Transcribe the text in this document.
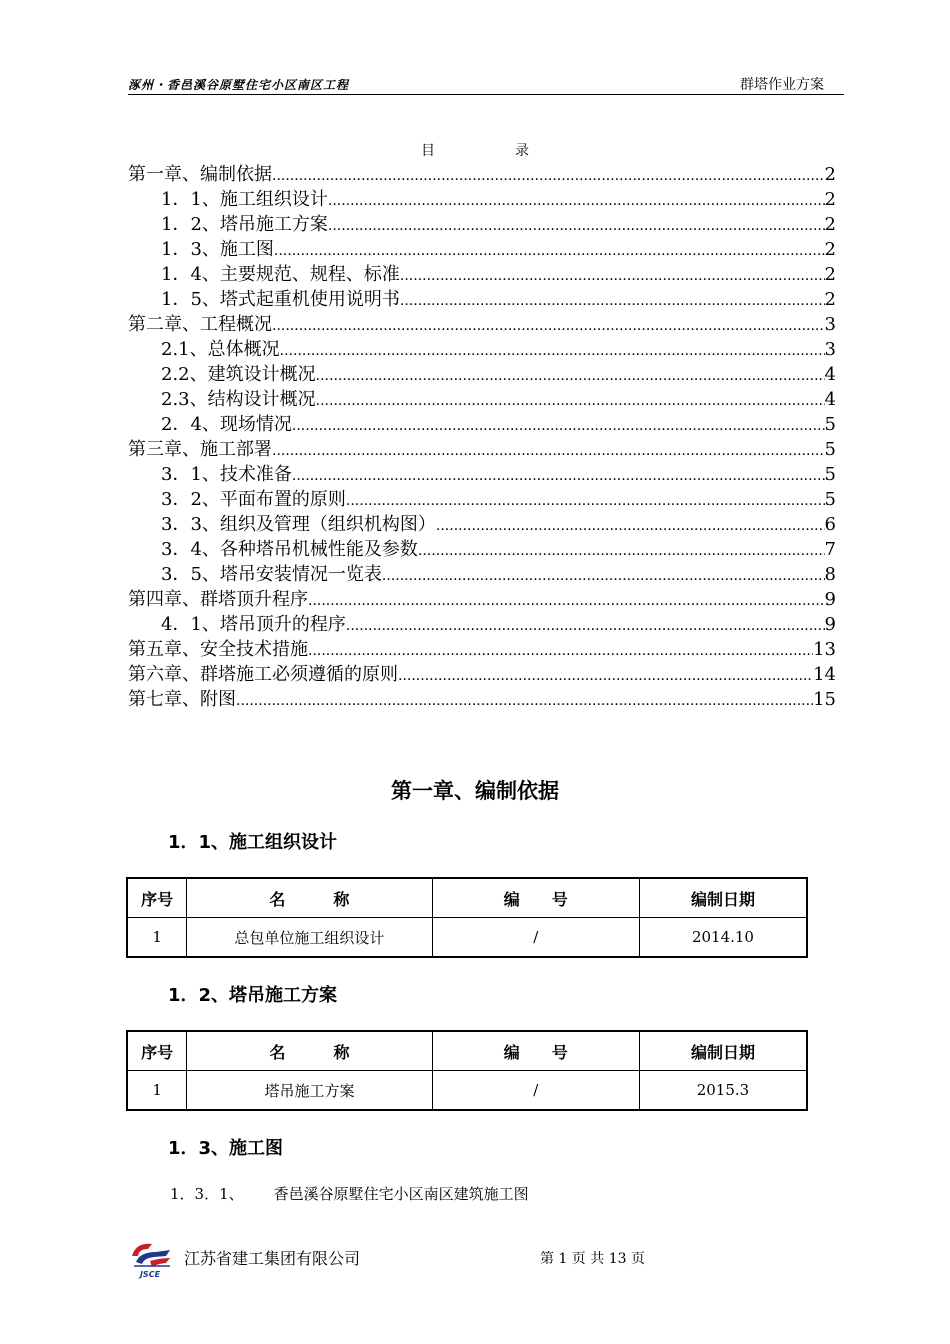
涿州・香邑溪谷原墅住宅小区南区工程	群塔作业方案
目	录
第一章、编制依据 .....	2
1．1、施工组织设计 .....	2
1．2、塔吊施工方案 .....	2
1．3、施工图 .....	2
1．4、主要规范、规程、标准 .....	2
1．5、塔式起重机使用说明书 .....	2
第二章、工程概况 .....	3
2.1、总体概况 .....	3
2.2、建筑设计概况 .....	4
2.3、结构设计概况 .....	4
2．4、现场情况 .....	5
第三章、施工部署 .....	5
3．1、技术准备 .....	5
3．2、平面布置的原则 .....	5
3．3、组织及管理（组织机构图） .....	6
3．4、各种塔吊机械性能及参数 .....	7
3．5、塔吊安装情况一览表 .....	8
第四章、群塔顶升程序 .....	9
4．1、塔吊顶升的程序 .....	9
第五章、安全技术措施 .....	13
第六章、群塔施工必须遵循的原则 .....	14
第七章、附图 .....	15
第一章、编制依据
1．1、施工组织设计
序号	名　　　称	编　　号	编制日期
1	总包单位施工组织设计	/	2014.10
1．2、塔吊施工方案
序号	名　　　称	编　　号	编制日期
1	塔吊施工方案	/	2015.3
1．3、施工图
1．3．1、 香邑溪谷原墅住宅小区南区建筑施工图
JSCE
江苏省建工集团有限公司	第 1 页 共 13 页
